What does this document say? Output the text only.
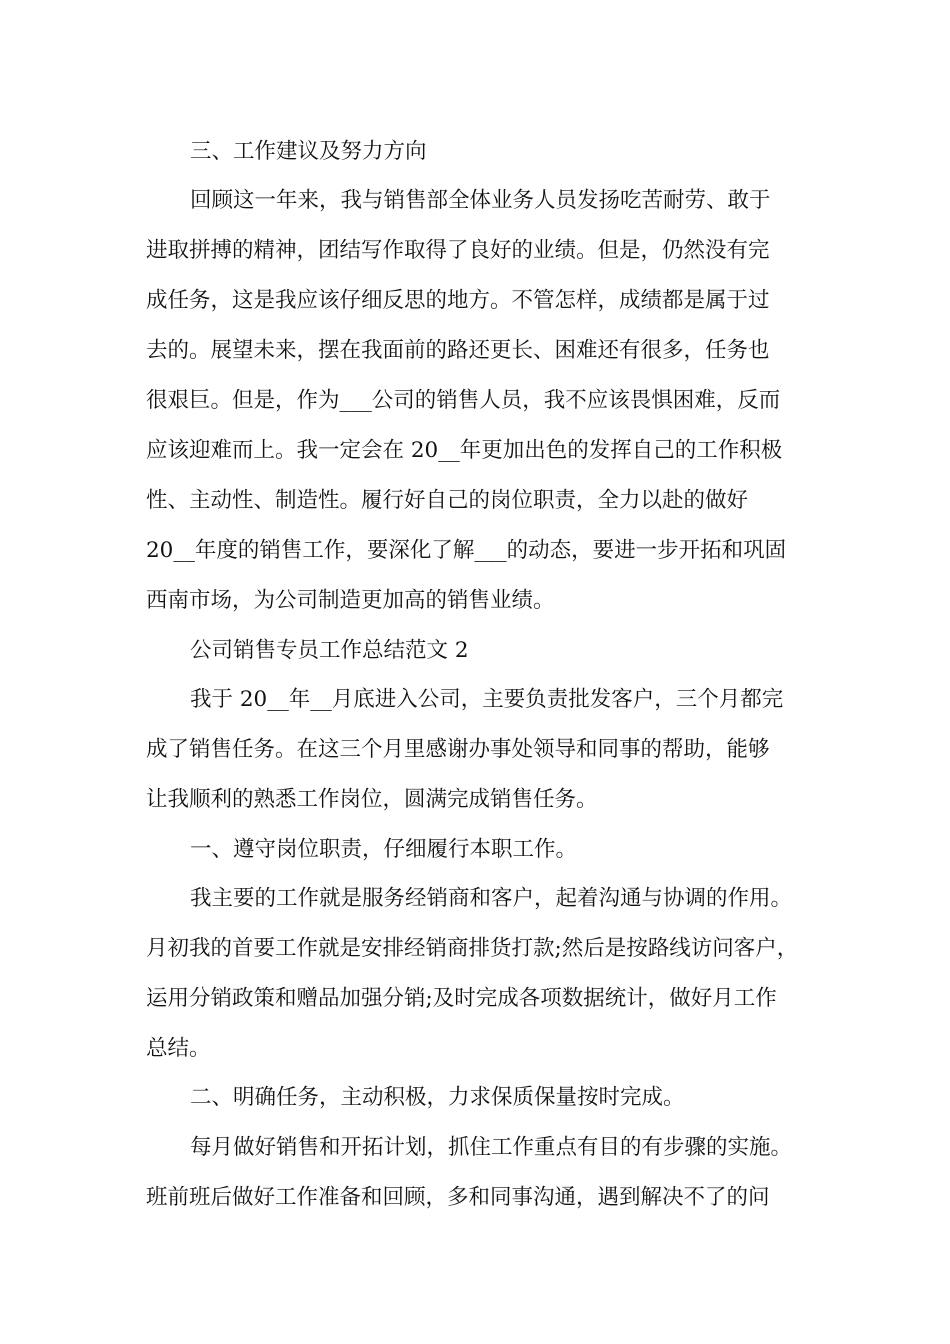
三、工作建议及努力方向
回顾这一年来，我与销售部全体业务人员发扬吃苦耐劳、敢于
进取拼搏的精神，团结写作取得了良好的业绩。但是，仍然没有完
成任务，这是我应该仔细反思的地方。不管怎样，成绩都是属于过
去的。展望未来，摆在我面前的路还更长、困难还有很多，任务也
很艰巨。但是，作为___公司的销售人员，我不应该畏惧困难，反而
应该迎难而上。我一定会在 20__年更加出色的发挥自己的工作积极
性、主动性、制造性。履行好自己的岗位职责，全力以赴的做好
20__年度的销售工作，要深化了解___的动态，要进一步开拓和巩固
西南市场，为公司制造更加高的销售业绩。
公司销售专员工作总结范文 2
我于 20__年__月底进入公司，主要负责批发客户，三个月都完
成了销售任务。在这三个月里感谢办事处领导和同事的帮助，能够
让我顺利的熟悉工作岗位，圆满完成销售任务。
一、遵守岗位职责，仔细履行本职工作。
我主要的工作就是服务经销商和客户，起着沟通与协调的作用。
月初我的首要工作就是安排经销商排货打款;然后是按路线访问客户，
运用分销政策和赠品加强分销;及时完成各项数据统计，做好月工作
总结。
二、明确任务，主动积极，力求保质保量按时完成。
每月做好销售和开拓计划，抓住工作重点有目的有步骤的实施。
班前班后做好工作准备和回顾，多和同事沟通，遇到解决不了的问
